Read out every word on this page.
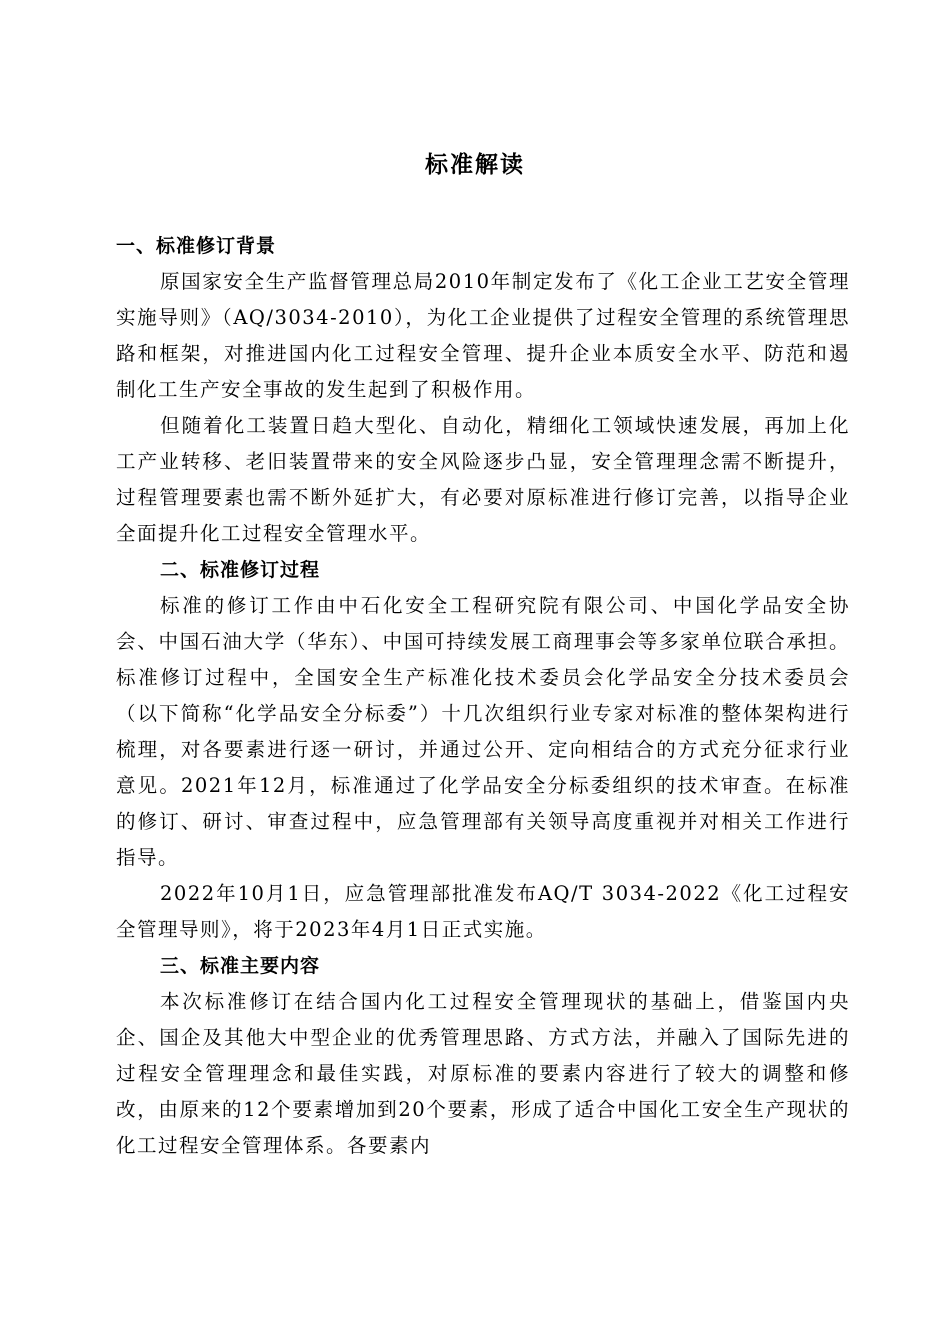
标准解读
一、标准修订背景

原国家安全生产监督管理总局2010年制定发布了《化工企业工艺安全管理实施导则》（AQ/3034-2010），为化工企业提供了过程安全管理的系统管理思路和框架，对推进国内化工过程安全管理、提升企业本质安全水平、防范和遏制化工生产安全事故的发生起到了积极作用。

但随着化工装置日趋大型化、自动化，精细化工领域快速发展，再加上化工产业转移、老旧装置带来的安全风险逐步凸显，安全管理理念需不断提升，过程管理要素也需不断外延扩大，有必要对原标准进行修订完善，以指导企业全面提升化工过程安全管理水平。

二、标准修订过程

标准的修订工作由中石化安全工程研究院有限公司、中国化学品安全协会、中国石油大学（华东）、中国可持续发展工商理事会等多家单位联合承担。标准修订过程中，全国安全生产标准化技术委员会化学品安全分技术委员会（以下简称“化学品安全分标委”）十几次组织行业专家对标准的整体架构进行梳理，对各要素进行逐一研讨，并通过公开、定向相结合的方式充分征求行业意见。2021年12月，标准通过了化学品安全分标委组织的技术审查。在标准的修订、研讨、审查过程中，应急管理部有关领导高度重视并对相关工作进行指导。

2022年10月1日，应急管理部批准发布AQ/T 3034-2022《化工过程安全管理导则》，将于2023年4月1日正式实施。

三、标准主要内容

本次标准修订在结合国内化工过程安全管理现状的基础上，借鉴国内央企、国企及其他大中型企业的优秀管理思路、方式方法，并融入了国际先进的过程安全管理理念和最佳实践，对原标准的要素内容进行了较大的调整和修改，由原来的12个要素增加到20个要素，形成了适合中国化工安全生产现状的化工过程安全管理体系。各要素内
